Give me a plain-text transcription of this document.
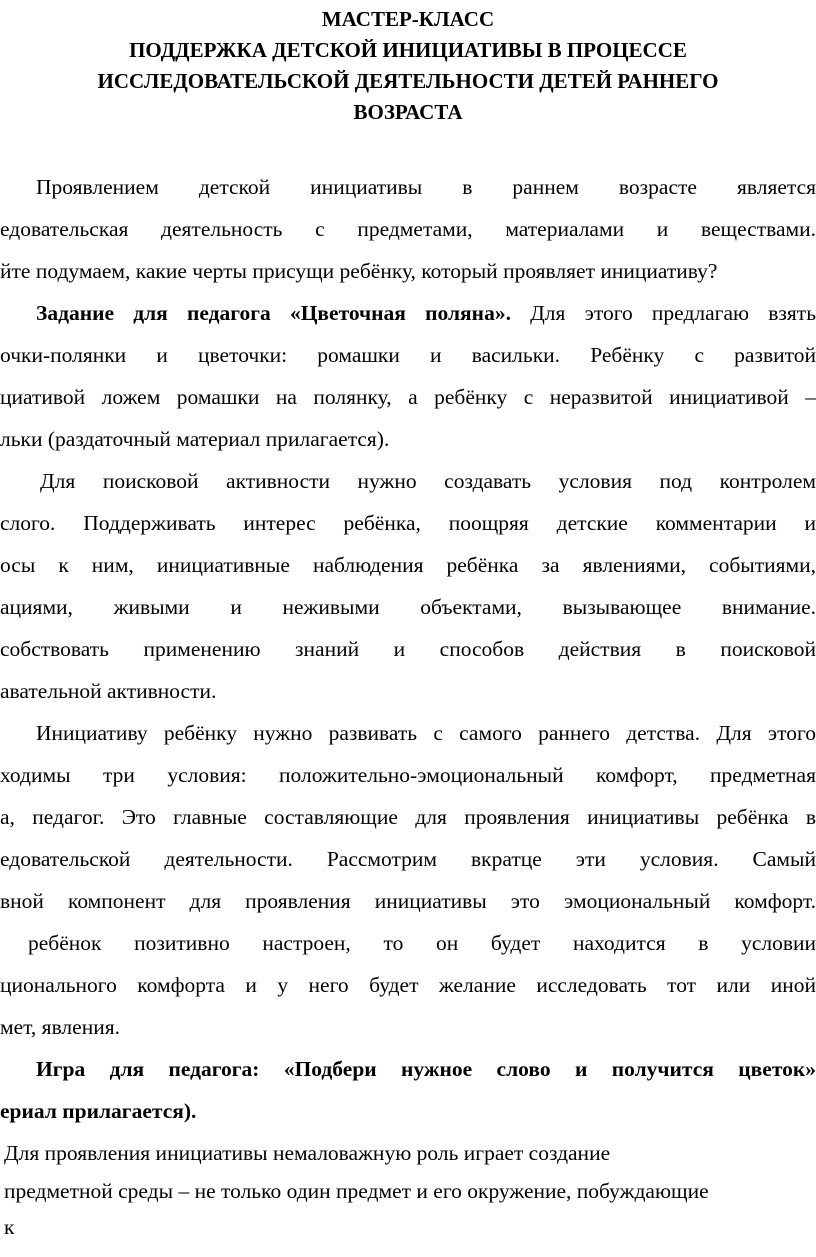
МАСТЕР-КЛАСС
ПОДДЕРЖКА ДЕТСКОЙ ИНИЦИАТИВЫ В ПРОЦЕССЕ
ИССЛЕДОВАТЕЛЬСКОЙ ДЕЯТЕЛЬНОСТИ ДЕТЕЙ РАННЕГО
ВОЗРАСТА
Проявлением детской инициативы в раннем возрасте является
едовательская деятельность с предметами, материалами и веществами.
йте подумаем, какие черты присущи ребёнку, который проявляет инициативу?
Задание для педагога «Цветочная поляна». Для этого предлагаю взять
очки-полянки и цветочки: ромашки и васильки. Ребёнку с развитой
циативой ложем ромашки на полянку, а ребёнку с неразвитой инициативой –
льки (раздаточный материал прилагается).
Для поисковой активности нужно создавать условия под контролем
слого. Поддерживать интерес ребёнка, поощряя детские комментарии и
осы к ним, инициативные наблюдения ребёнка за явлениями, событиями,
ациями, живыми и неживыми объектами, вызывающее внимание.
собствовать применению знаний и способов действия в поисковой
авательной активности.
Инициативу ребёнку нужно развивать с самого раннего детства. Для этого
ходимы три условия: положительно-эмоциональный комфорт, предметная
а, педагог. Это главные составляющие для проявления инициативы ребёнка в
едовательской деятельности. Рассмотрим вкратце эти условия. Самый
вной компонент для проявления инициативы это эмоциональный комфорт.
ребёнок позитивно настроен, то он будет находится в условии
ционального комфорта и у него будет желание исследовать тот или иной
мет, явления.
Игра для педагога: «Подбери нужное слово и получится цветок»
ериал прилагается).
Для проявления инициативы немаловажную роль играет создание
предметной среды – не только один предмет и его окружение, побуждающие
к
